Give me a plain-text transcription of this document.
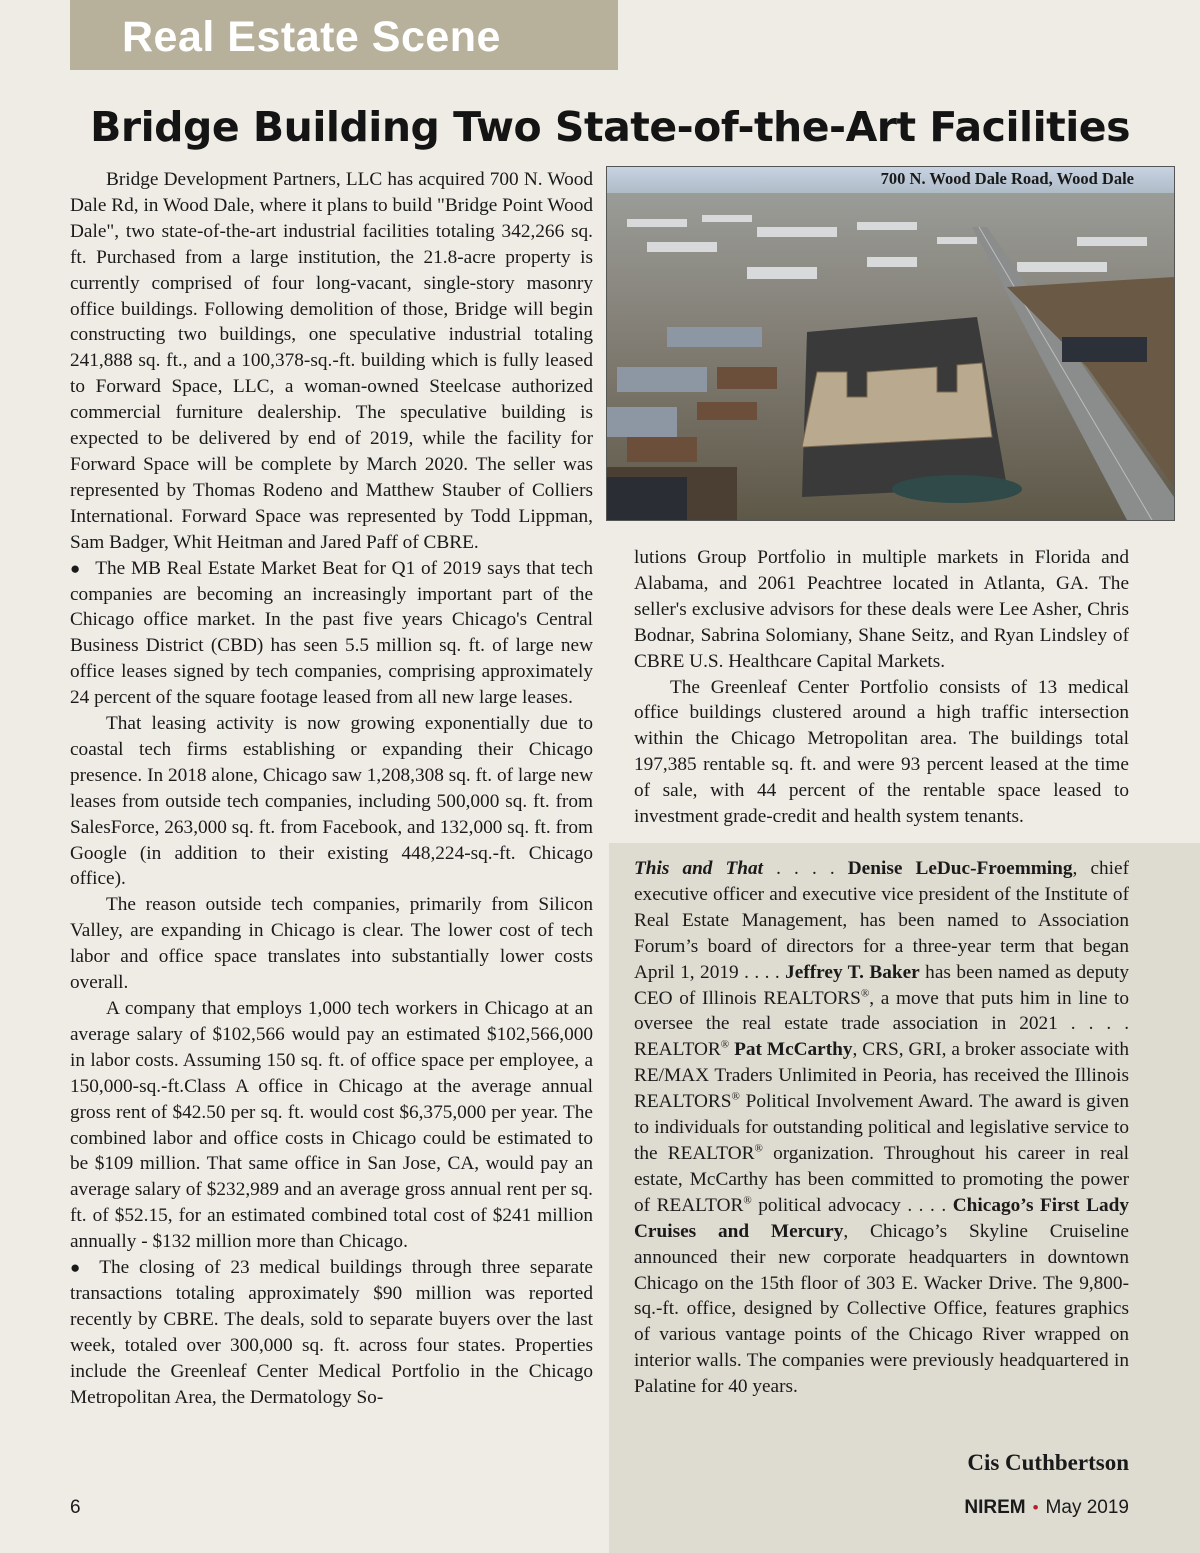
Real Estate Scene
Bridge Building Two State-of-the-Art Facilities

Bridge Development Partners, LLC has acquired 700 N. Wood Dale Rd, in Wood Dale, where it plans to build "Bridge Point Wood Dale", two state-of-the-art industrial facilities totaling 342,266 sq. ft. Purchased from a large institution, the 21.8-acre property is currently comprised of four long-vacant, single-story masonry office buildings. Following demolition of those, Bridge will begin constructing two buildings, one speculative industrial totaling 241,888 sq. ft., and a 100,378-sq.-ft. building which is fully leased to Forward Space, LLC, a woman-owned Steelcase authorized commercial furniture dealership. The speculative building is expected to be delivered by end of 2019, while the facility for Forward Space will be complete by March 2020. The seller was represented by Thomas Rodeno and Matthew Stauber of Colliers International. Forward Space was represented by Todd Lippman, Sam Badger, Whit Heitman and Jared Paff of CBRE.

● The MB Real Estate Market Beat for Q1 of 2019 says that tech companies are becoming an increasingly important part of the Chicago office market. In the past five years Chicago's Central Business District (CBD) has seen 5.5 million sq. ft. of large new office leases signed by tech companies, comprising approximately 24 percent of the square footage leased from all new large leases.

That leasing activity is now growing exponentially due to coastal tech firms establishing or expanding their Chicago presence. In 2018 alone, Chicago saw 1,208,308 sq. ft. of large new leases from outside tech companies, including 500,000 sq. ft. from SalesForce, 263,000 sq. ft. from Facebook, and 132,000 sq. ft. from Google (in addition to their existing 448,224-sq.-ft. Chicago office).

The reason outside tech companies, primarily from Silicon Valley, are expanding in Chicago is clear. The lower cost of tech labor and office space translates into substantially lower costs overall.

A company that employs 1,000 tech workers in Chicago at an average salary of $102,566 would pay an estimated $102,566,000 in labor costs. Assuming 150 sq. ft. of office space per employee, a 150,000-sq.-ft.Class A office in Chicago at the average annual gross rent of $42.50 per sq. ft. would cost $6,375,000 per year. The combined labor and office costs in Chicago could be estimated to be $109 million. That same office in San Jose, CA, would pay an average salary of $232,989 and an average gross annual rent per sq. ft. of $52.15, for an estimated combined total cost of $241 million annually - $132 million more than Chicago.

● The closing of 23 medical buildings through three separate transactions totaling approximately $90 million was reported recently by CBRE. The deals, sold to separate buyers over the last week, totaled over 300,000 sq. ft. across four states. Properties include the Greenleaf Center Medical Portfolio in the Chicago Metropolitan Area, the Dermatology So-

700 N. Wood Dale Road, Wood Dale

lutions Group Portfolio in multiple markets in Florida and Alabama, and 2061 Peachtree located in Atlanta, GA. The seller's exclusive advisors for these deals were Lee Asher, Chris Bodnar, Sabrina Solomiany, Shane Seitz, and Ryan Lindsley of CBRE U.S. Healthcare Capital Markets.

The Greenleaf Center Portfolio consists of 13 medical office buildings clustered around a high traffic intersection within the Chicago Metropolitan area. The buildings total 197,385 rentable sq. ft. and were 93 percent leased at the time of sale, with 44 percent of the rentable space leased to investment grade-credit and health system tenants.

This and That . . . . Denise LeDuc-Froemming, chief executive officer and executive vice president of the Institute of Real Estate Management, has been named to Association Forum’s board of directors for a three-year term that began April 1, 2019 . . . . Jeffrey T. Baker has been named as deputy CEO of Illinois REALTORS®, a move that puts him in line to oversee the real estate trade association in 2021 . . . . REALTOR® Pat McCarthy, CRS, GRI, a broker associate with RE/MAX Traders Unlimited in Peoria, has received the Illinois REALTORS® Political Involvement Award. The award is given to individuals for outstanding political and legislative service to the REALTOR® organization. Throughout his career in real estate, McCarthy has been committed to promoting the power of REALTOR® political advocacy . . . . Chicago’s First Lady Cruises and Mercury, Chicago’s Skyline Cruiseline announced their new corporate headquarters in downtown Chicago on the 15th floor of 303 E. Wacker Drive. The 9,800-sq.-ft. office, designed by Collective Office, features graphics of various vantage points of the Chicago River wrapped on interior walls. The companies were previously headquartered in Palatine for 40 years.

Cis Cuthbertson
6	NIREM • May 2019
